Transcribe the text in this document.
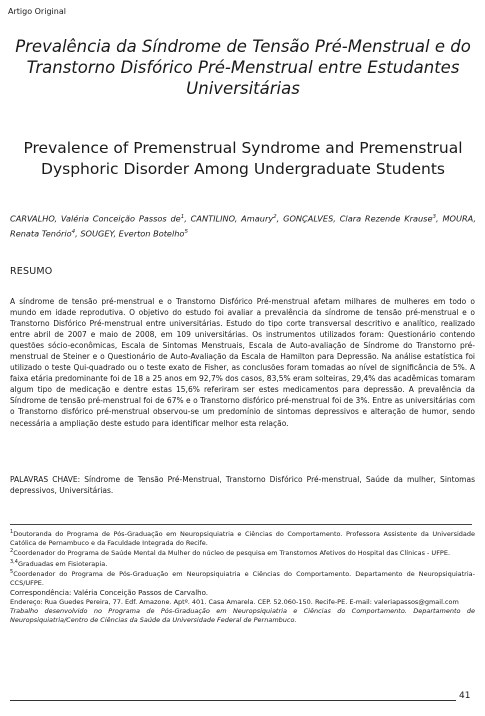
Artigo Original
Prevalência da Síndrome de Tensão Pré-Menstrual e do Transtorno Disfórico Pré-Menstrual entre Estudantes Universitárias
Prevalence of Premenstrual Syndrome and Premenstrual Dysphoric Disorder Among Undergraduate Students
CARVALHO, Valéria Conceição Passos $de^1$, CANTILINO, Amaury$^2$, GONÇALVES, Clara Rezende Krause$^3$, MOURA, Renata Tenório$^4$, SOUGEY, Everton Botelho$^5$
RESUMO
A síndrome de tensão pré-menstrual e o Transtorno Disfórico Pré-menstrual afetam milhares de mulheres em todo o mundo em idade reprodutiva. O objetivo do estudo foi avaliar a prevalência da síndrome de tensão pré-menstrual e o Transtorno Disfórico Pré-menstrual entre universitárias. Estudo do tipo corte transversal descritivo e analítico, realizado entre abril de 2007 e maio de 2008, em 109 universitárias. Os instrumentos utilizados foram: Questionário contendo questões sócio-econômicas, Escala de Sintomas Menstruais, Escala de Auto-avaliação de Síndrome do Transtorno pré-menstrual de Steiner e o Questionário de Auto-Avaliação da Escala de Hamilton para Depressão. Na análise estatística foi utilizado o teste Qui-quadrado ou o teste exato de Fisher, as conclusões foram tomadas ao nível de significância de 5%. A faixa etária predominante foi de 18 a 25 anos em 92,7% dos casos, 83,5% eram solteiras, 29,4% das acadêmicas tomaram algum tipo de medicação e dentre estas 15,6% referiram ser estes medicamentos para depressão. A prevalência da Síndrome de tensão pré-menstrual foi de 67% e o Transtorno disfórico pré-menstrual foi de 3%. Entre as universitárias com o Transtorno disfórico pré-menstrual observou-se um predomínio de sintomas depressivos e alteração de humor, sendo necessária a ampliação deste estudo para identificar melhor esta relação.
PALAVRAS CHAVE: Síndrome de Tensão Pré-Menstrual, Transtorno Disfórico Pré-menstrual, Saúde da mulher, Sintomas depressivos, Universitárias.

$^1$Doutoranda do Programa de Pós-Graduação em Neuropsiquiatria e Ciências do Comportamento. Professora Assistente da Universidade Católica de Pernambuco e da Faculdade Integrada do Recife.

$^2$Coordenador do Programa de Saúde Mental da Mulher do núcleo de pesquisa em Transtornos Afetivos do Hospital das Clínicas - UFPE.

$^{3,4}$Graduadas em Fisioterapia.

$^5$Coordenador do Programa de Pós-Graduação em Neuropsiquiatria e Ciências do Comportamento. Departamento de Neuropsiquiatria-CCS/UFPE.

Correspondência: Valéria Conceição Passos de Carvalho.

Endereço: Rua Guedes Pereira, 77. Edf. Amazone. Aptº. 401. Casa Amarela. CEP. 52.060-150. Recife-PE. E-mail: valeriapassos@gmail.com

Trabalho desenvolvido no Programa de Pós-Graduação em Neuropsiquiatria e Ciências do Comportamento. Departamento de Neuropsiquiatria/Centro de Ciências da Saúde da Universidade Federal de Pernambuco.

41
